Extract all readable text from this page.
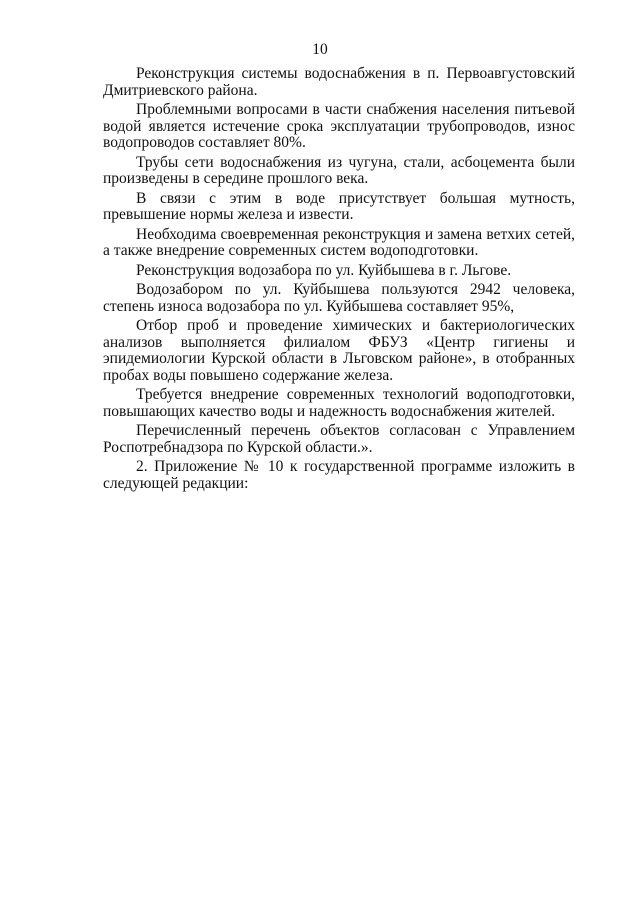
10

Реконструкция системы водоснабжения в п. Первоавгустовский Дмитриевского района.

Проблемными вопросами в части снабжения населения питьевой водой является истечение срока эксплуатации трубопроводов, износ водопроводов составляет 80%.

Трубы сети водоснабжения из чугуна, стали, асбоцемента были произведены в середине прошлого века.

В связи с этим в воде присутствует большая мутность, превышение нормы железа и извести.

Необходима своевременная реконструкция и замена ветхих сетей, а также внедрение современных систем водоподготовки.

Реконструкция водозабора по ул. Куйбышева в г. Льгове.

Водозабором по ул. Куйбышева пользуются 2942 человека, степень износа водозабора по ул. Куйбышева составляет 95%,

Отбор проб и проведение химических и бактериологических анализов выполняется филиалом ФБУЗ «Центр гигиены и эпидемиологии Курской области в Льговском районе», в отобранных пробах воды повышено содержание железа.

Требуется внедрение современных технологий водоподготовки, повышающих качество воды и надежность водоснабжения жителей.

Перечисленный перечень объектов согласован с Управлением Роспотребнадзора по Курской области.».

2. Приложение № 10 к государственной программе изложить в следующей редакции:
